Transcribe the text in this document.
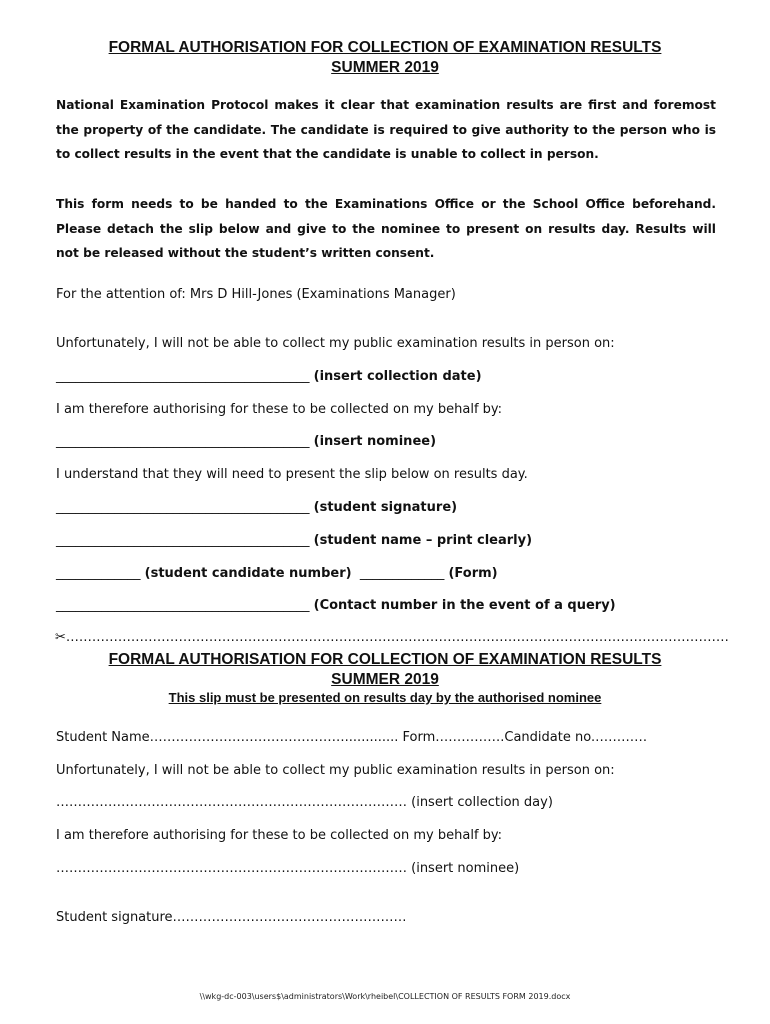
FORMAL AUTHORISATION FOR COLLECTION OF EXAMINATION RESULTS

SUMMER 2019

National Examination Protocol makes it clear that examination results are first and foremost the property of the candidate. The candidate is required to give authority to the person who is to collect results in the event that the candidate is unable to collect in person.

This form needs to be handed to the Examinations Office or the School Office beforehand. Please detach the slip below and give to the nominee to present on results day. Results will not be released without the student’s written consent.

For the attention of: Mrs D Hill-Jones (Examinations Manager)

Unfortunately, I will not be able to collect my public examination results in person on:

_______________________________________ (insert collection date)

I am therefore authorising for these to be collected on my behalf by:

_______________________________________ (insert nominee)

I understand that they will need to present the slip below on results day.

_______________________________________ (student signature)

_______________________________________ (student name – print clearly)

_____________ (student candidate number) _____________ (Form)

_______________________________________ (Contact number in the event of a query)

✂………………………………………………………………………………………………………………………………………

FORMAL AUTHORISATION FOR COLLECTION OF EXAMINATION RESULTS

SUMMER 2019

This slip must be presented on results day by the authorised nominee

Student Name………………………………………............. Form…………….Candidate no.…………

Unfortunately, I will not be able to collect my public examination results in person on:

……………………………………………………………………… (insert collection day)

I am therefore authorising for these to be collected on my behalf by:

……………………………………………………………………… (insert nominee)

Student signature………………………………………………

\\wkg-dc-003\users$\administrators\Work\rheibel\COLLECTION OF RESULTS FORM 2019.docx
